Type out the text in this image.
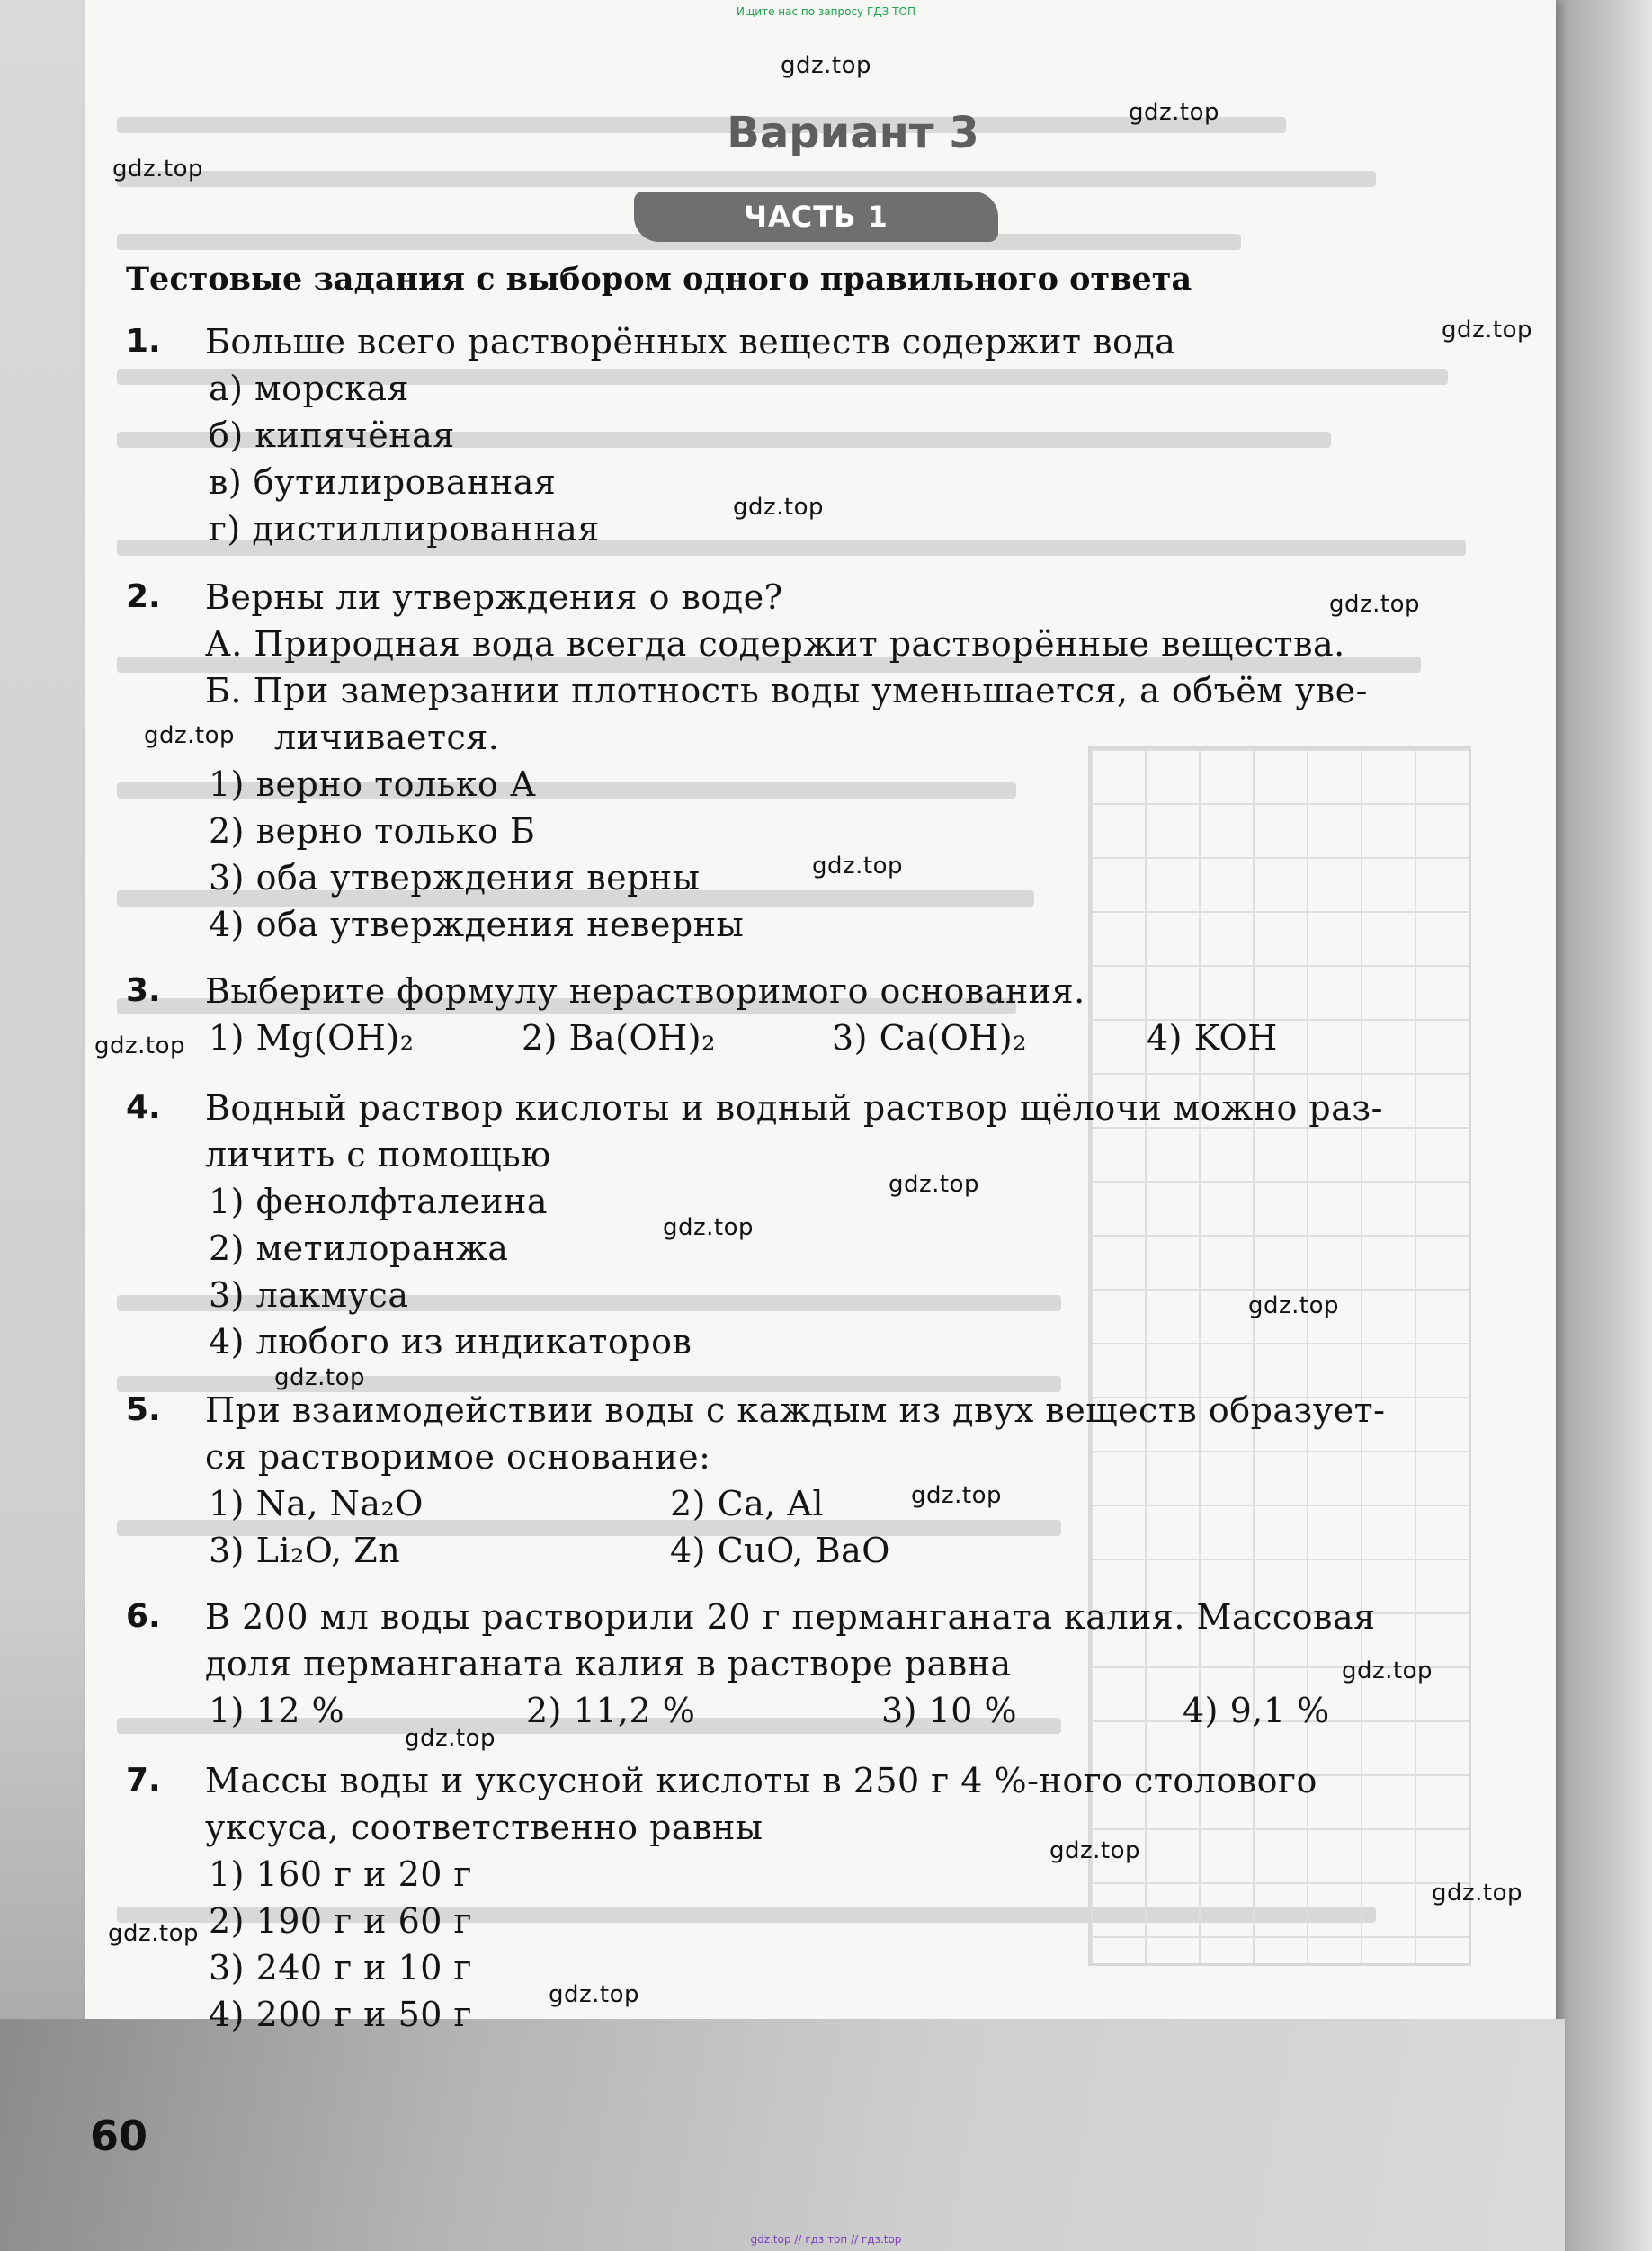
Ищите нас по запросу ГДЗ ТОП
gdz.top // гдз топ // гдз.top
gdz.top
gdz.top
gdz.top
gdz.top
gdz.top
gdz.top
gdz.top
gdz.top
gdz.top
gdz.top
gdz.top
gdz.top
gdz.top
gdz.top
gdz.top
gdz.top
gdz.top
gdz.top
gdz.top
gdz.top
Вариант 3
ЧАСТЬ 1
Тестовые задания с выбором одного правильного ответа
1. Больше всего растворённых веществ содержит вода
а) морская
б) кипячёная
в) бутилированная
г) дистиллированная
2. Верны ли утверждения о воде?
А. Природная вода всегда содержит растворённые вещества.
Б. При замерзании плотность воды уменьшается, а объём уве-
личивается.
1) верно только А
2) верно только Б
3) оба утверждения верны
4) оба утверждения неверны
3. Выберите формулу нерастворимого основания.
1) Mg(OH)₂	2) Ba(OH)₂	3) Ca(OH)₂	4) KOH
4. Водный раствор кислоты и водный раствор щёлочи можно раз-
личить с помощью
1) фенолфталеина
2) метилоранжа
3) лакмуса
4) любого из индикаторов
5. При взаимодействии воды с каждым из двух веществ образует-
ся растворимое основание:
1) Na, Na₂O	2) Ca, Al
3) Li₂O, Zn	4) CuO, BaO
6. В 200 мл воды растворили 20 г перманганата калия. Массовая
доля перманганата калия в растворе равна
1) 12 %	2) 11,2 %	3) 10 %	4) 9,1 %
7. Массы воды и уксусной кислоты в 250 г 4 %-ного столового
уксуса, соответственно равны
1) 160 г и 20 г
2) 190 г и 60 г
3) 240 г и 10 г
4) 200 г и 50 г
60
